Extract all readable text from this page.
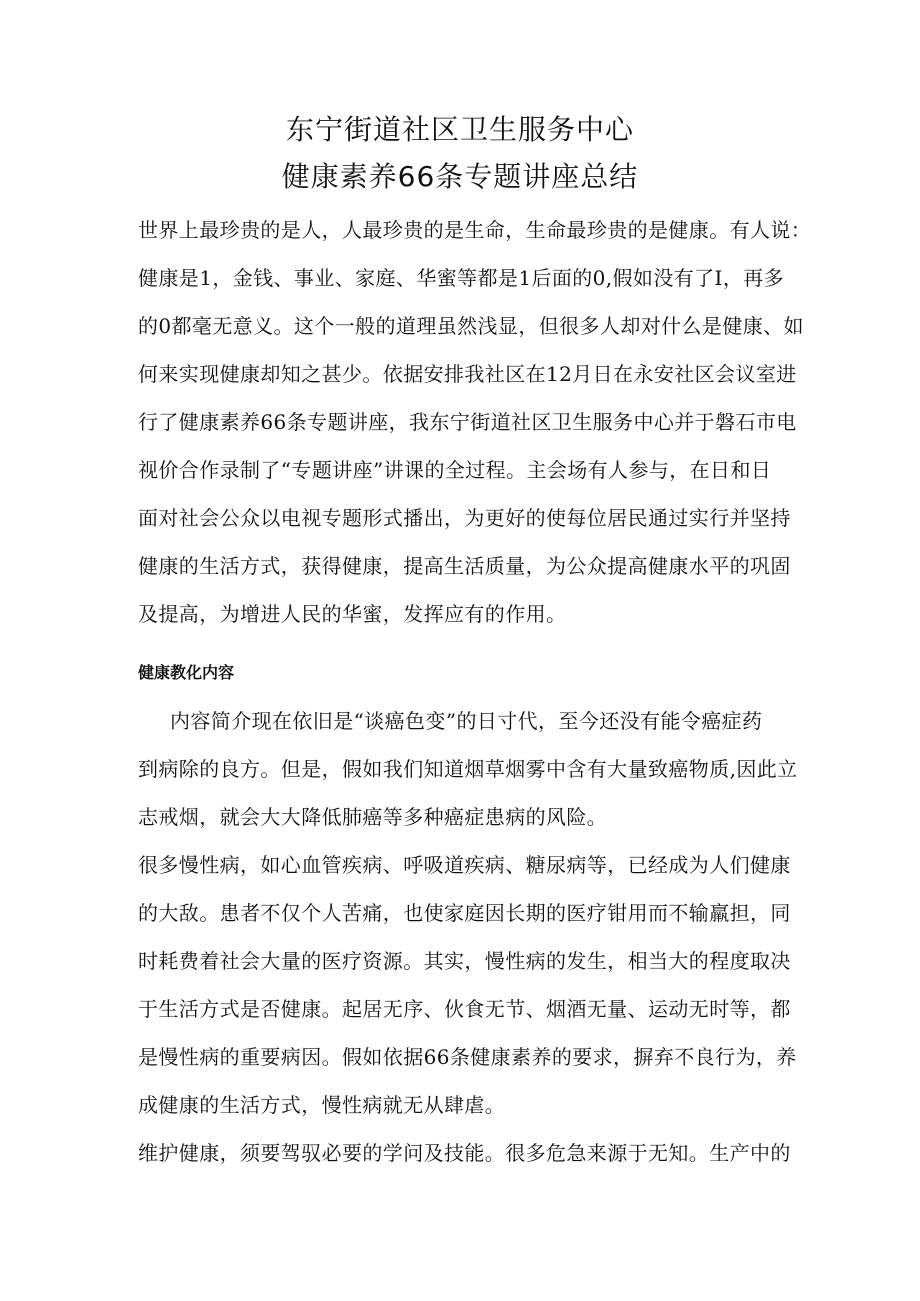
东宁街道社区卫生服务中心
健康素养66条专题讲座总结

世界上最珍贵的是人，人最珍贵的是生命，生命最珍贵的是健康。有人说：
健康是1，金钱、事业、家庭、华蜜等都是1后面的0,假如没有了I，再多
的0都毫无意义。这个一般的道理虽然浅显，但很多人却对什么是健康、如
何来实现健康却知之甚少。依据安排我社区在12月日在永安社区会议室进
行了健康素养66条专题讲座，我东宁街道社区卫生服务中心并于磐石市电
视价合作录制了“专题讲座”讲课的全过程。主会场有人参与，在日和日
面对社会公众以电视专题形式播出，为更好的使每位居民通过实行并坚持
健康的生活方式，获得健康，提高生活质量，为公众提高健康水平的巩固
及提高，为增进人民的华蜜，发挥应有的作用。

健康教化内容

内容简介现在依旧是“谈癌色变”的日寸代，至今还没有能令癌症药
到病除的良方。但是，假如我们知道烟草烟雾中含有大量致癌物质,因此立
志戒烟，就会大大降低肺癌等多种癌症患病的风险。

很多慢性病，如心血管疾病、呼吸道疾病、糖尿病等，已经成为人们健康
的大敌。患者不仅个人苦痛，也使家庭因长期的医疗钳用而不输羸担，同
时耗费着社会大量的医疗资源。其实，慢性病的发生，相当大的程度取决
于生活方式是否健康。起居无序、伙食无节、烟酒无量、运动无时等，都
是慢性病的重要病因。假如依据66条健康素养的要求，摒弃不良行为，养
成健康的生活方式，慢性病就无从肆虐。

维护健康，须要驾驭必要的学问及技能。很多危急来源于无知。生产中的
